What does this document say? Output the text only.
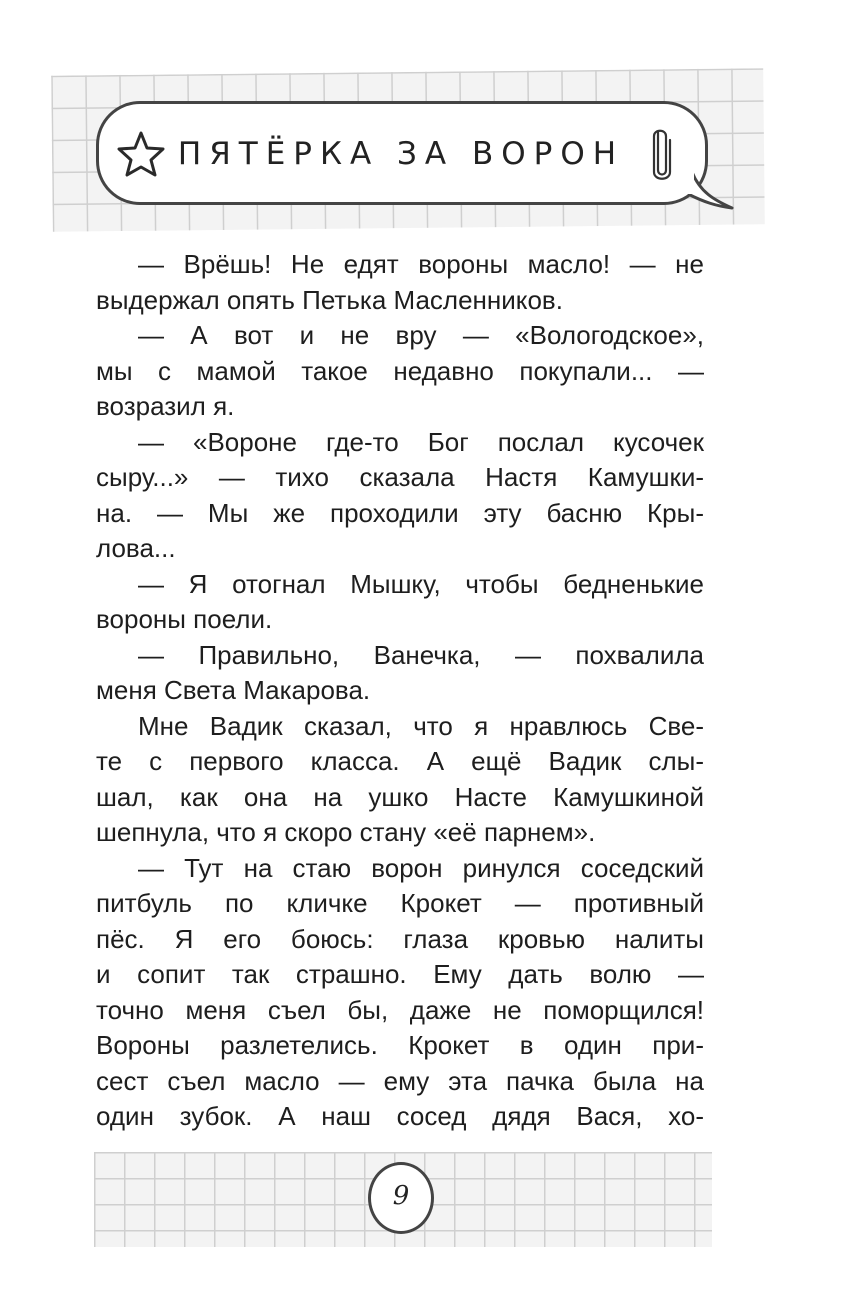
ПЯТЁРКА ЗА ВОРОН
— Врёшь! Не едят вороны масло! — не
выдержал опять Петька Масленников.
— А вот и не вру — «Вологодское»,
мы с мамой такое недавно покупали... —
возразил я.
— «Вороне где-то Бог послал кусочек
сыру...» — тихо сказала Настя Камушки-
на. — Мы же проходили эту басню Кры-
лова...
— Я отогнал Мышку, чтобы бедненькие
вороны поели.
— Правильно, Ванечка, — похвалила
меня Света Макарова.
Мне Вадик сказал, что я нравлюсь Све-
те с первого класса. А ещё Вадик слы-
шал, как она на ушко Насте Камушкиной
шепнула, что я скоро стану «её парнем».
— Тут на стаю ворон ринулся соседский
питбуль по кличке Крокет — противный
пёс. Я его боюсь: глаза кровью налиты
и сопит так страшно. Ему дать волю —
точно меня съел бы, даже не поморщился!
Вороны разлетелись. Крокет в один при-
сест съел масло — ему эта пачка была на
один зубок. А наш сосед дядя Вася, хо-
9
